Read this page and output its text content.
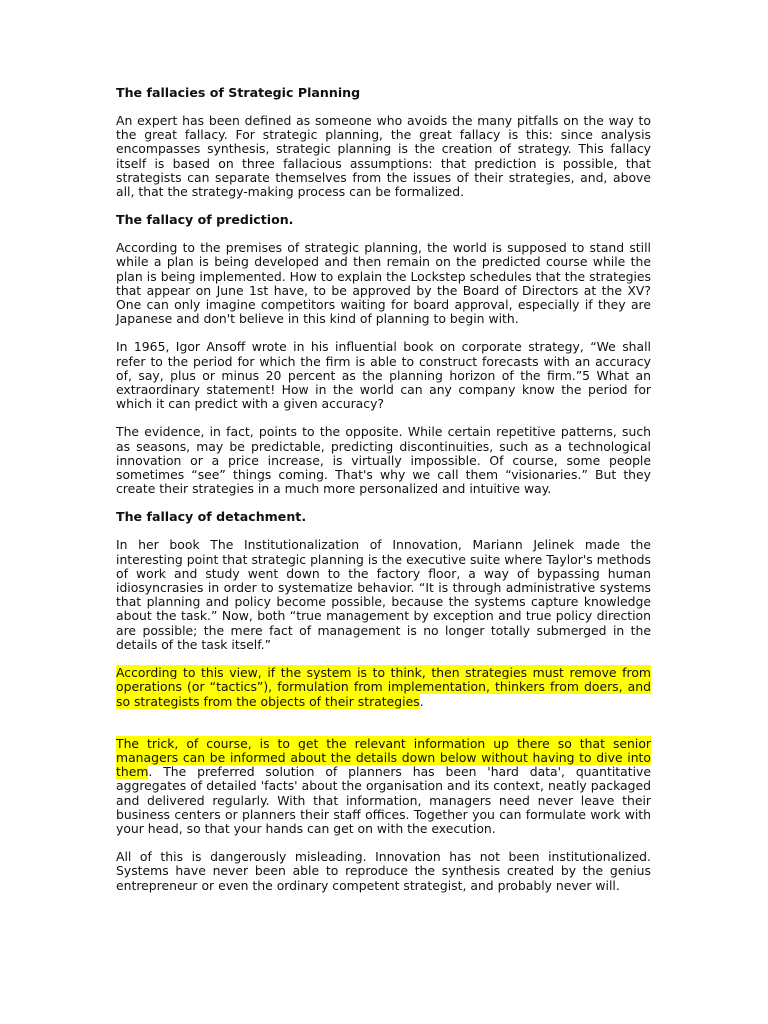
The fallacies of Strategic Planning

An expert has been defined as someone who avoids the many pitfalls on the way to the great fallacy. For strategic planning, the great fallacy is this: since analysis encompasses synthesis, strategic planning is the creation of strategy. This fallacy itself is based on three fallacious assumptions: that prediction is possible, that strategists can separate themselves from the issues of their strategies, and, above all, that the strategy-making process can be formalized.

The fallacy of prediction.

According to the premises of strategic planning, the world is supposed to stand still while a plan is being developed and then remain on the predicted course while the plan is being implemented. How to explain the Lockstep schedules that the strategies that appear on June 1st have, to be approved by the Board of Directors at the XV? One can only imagine competitors waiting for board approval, especially if they are Japanese and don't believe in this kind of planning to begin with.

In 1965, Igor Ansoff wrote in his influential book on corporate strategy, “We shall refer to the period for which the firm is able to construct forecasts with an accuracy of, say, plus or minus 20 percent as the planning horizon of the firm.”5 What an extraordinary statement! How in the world can any company know the period for which it can predict with a given accuracy?

The evidence, in fact, points to the opposite. While certain repetitive patterns, such as seasons, may be predictable, predicting discontinuities, such as a technological innovation or a price increase, is virtually impossible. Of course, some people sometimes “see” things coming. That's why we call them “visionaries.” But they create their strategies in a much more personalized and intuitive way.

The fallacy of detachment.

In her book The Institutionalization of Innovation, Mariann Jelinek made the interesting point that strategic planning is the executive suite where Taylor's methods of work and study went down to the factory floor, a way of bypassing human idiosyncrasies in order to systematize behavior. “It is through administrative systems that planning and policy become possible, because the systems capture knowledge about the task.” Now, both “true management by exception and true policy direction are possible; the mere fact of management is no longer totally submerged in the details of the task itself.”

According to this view, if the system is to think, then strategies must remove from operations (or “tactics”), formulation from implementation, thinkers from doers, and so strategists from the objects of their strategies.

The trick, of course, is to get the relevant information up there so that senior managers can be informed about the details down below without having to dive into them. The preferred solution of planners has been 'hard data', quantitative aggregates of detailed 'facts' about the organisation and its context, neatly packaged and delivered regularly. With that information, managers need never leave their business centers or planners their staff offices. Together you can formulate work with your head, so that your hands can get on with the execution.

All of this is dangerously misleading. Innovation has not been institutionalized. Systems have never been able to reproduce the synthesis created by the genius entrepreneur or even the ordinary competent strategist, and probably never will.
